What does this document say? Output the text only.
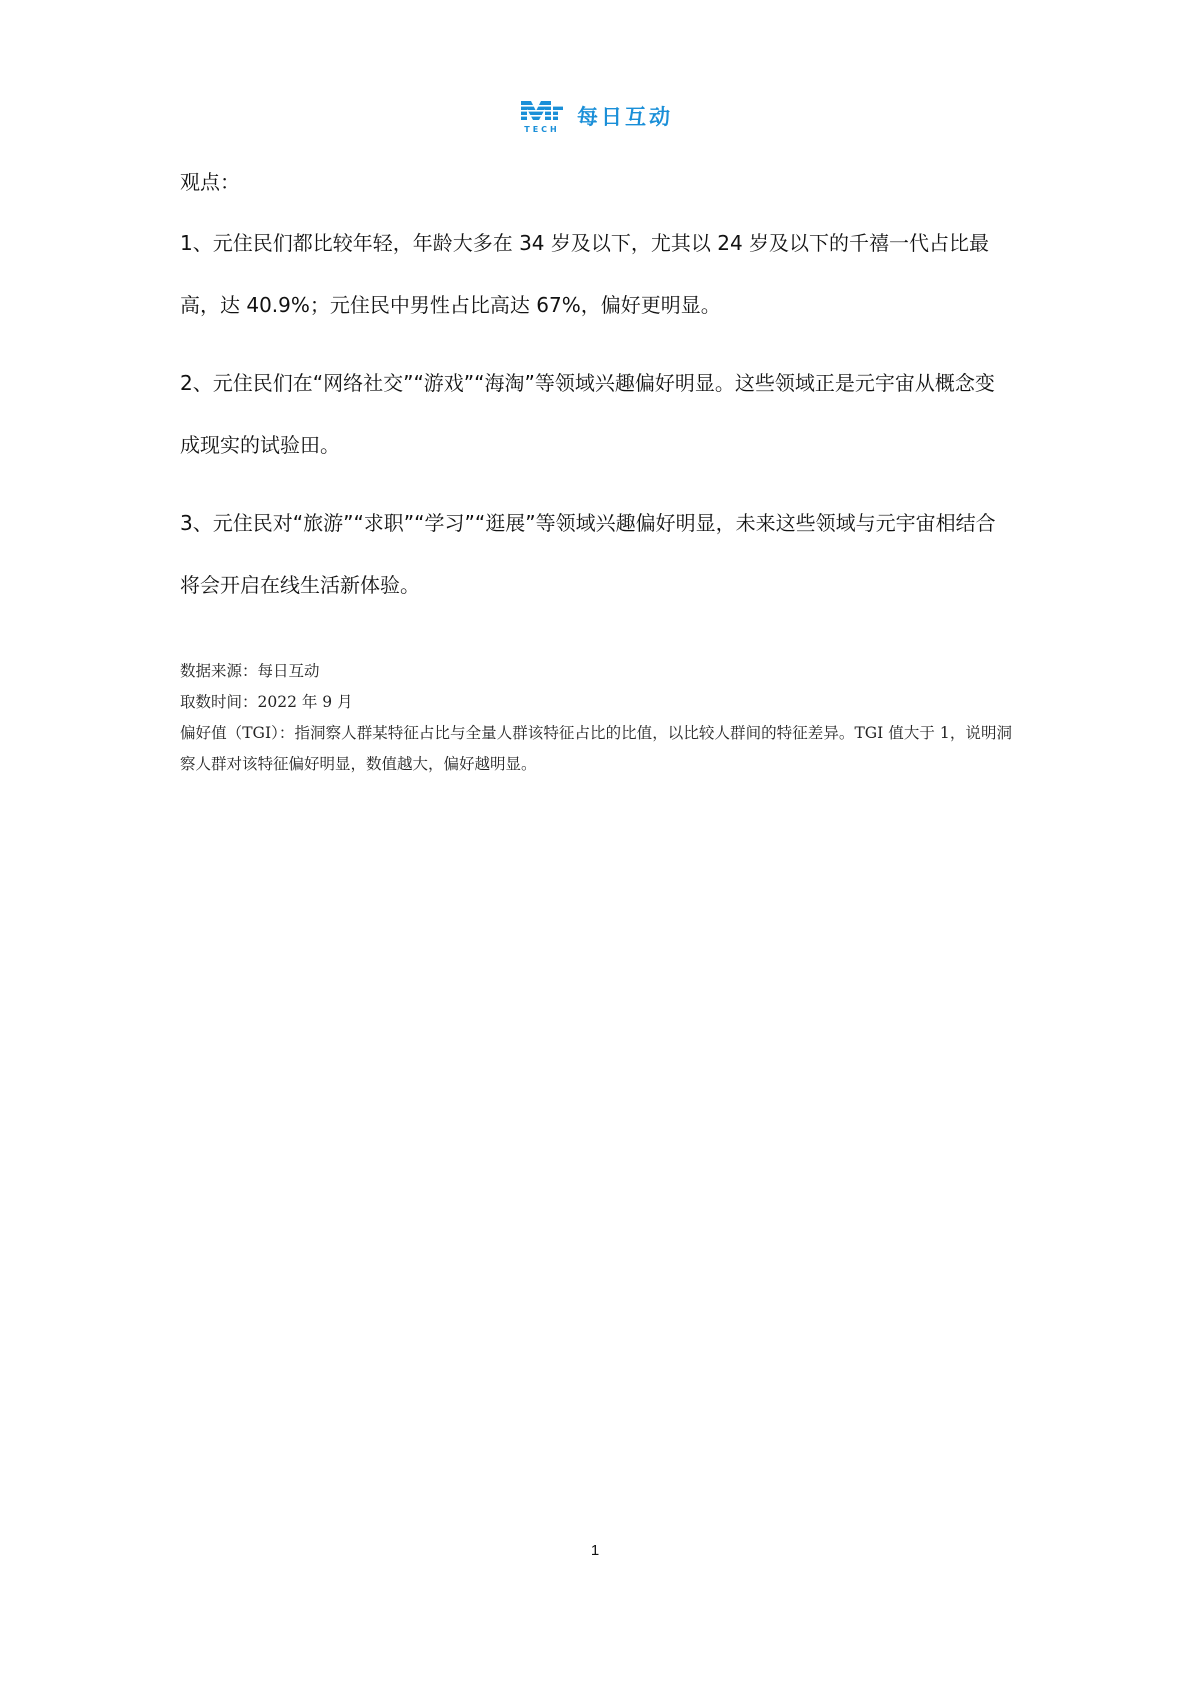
TECH
每日互动

观点：

1、元住民们都比较年轻，年龄大多在 34 岁及以下，尤其以 24 岁及以下的千禧一代占比最高，达 40.9%；元住民中男性占比高达 67%，偏好更明显。

2、元住民们在“网络社交”“游戏”“海淘”等领域兴趣偏好明显。这些领域正是元宇宙从概念变成现实的试验田。

3、元住民对“旅游”“求职”“学习”“逛展”等领域兴趣偏好明显，未来这些领域与元宇宙相结合将会开启在线生活新体验。

数据来源：每日互动

取数时间：2022 年 9 月

偏好值（TGI）：指洞察人群某特征占比与全量人群该特征占比的比值，以比较人群间的特征差异。TGI 值大于 1，说明洞察人群对该特征偏好明显，数值越大，偏好越明显。

1
